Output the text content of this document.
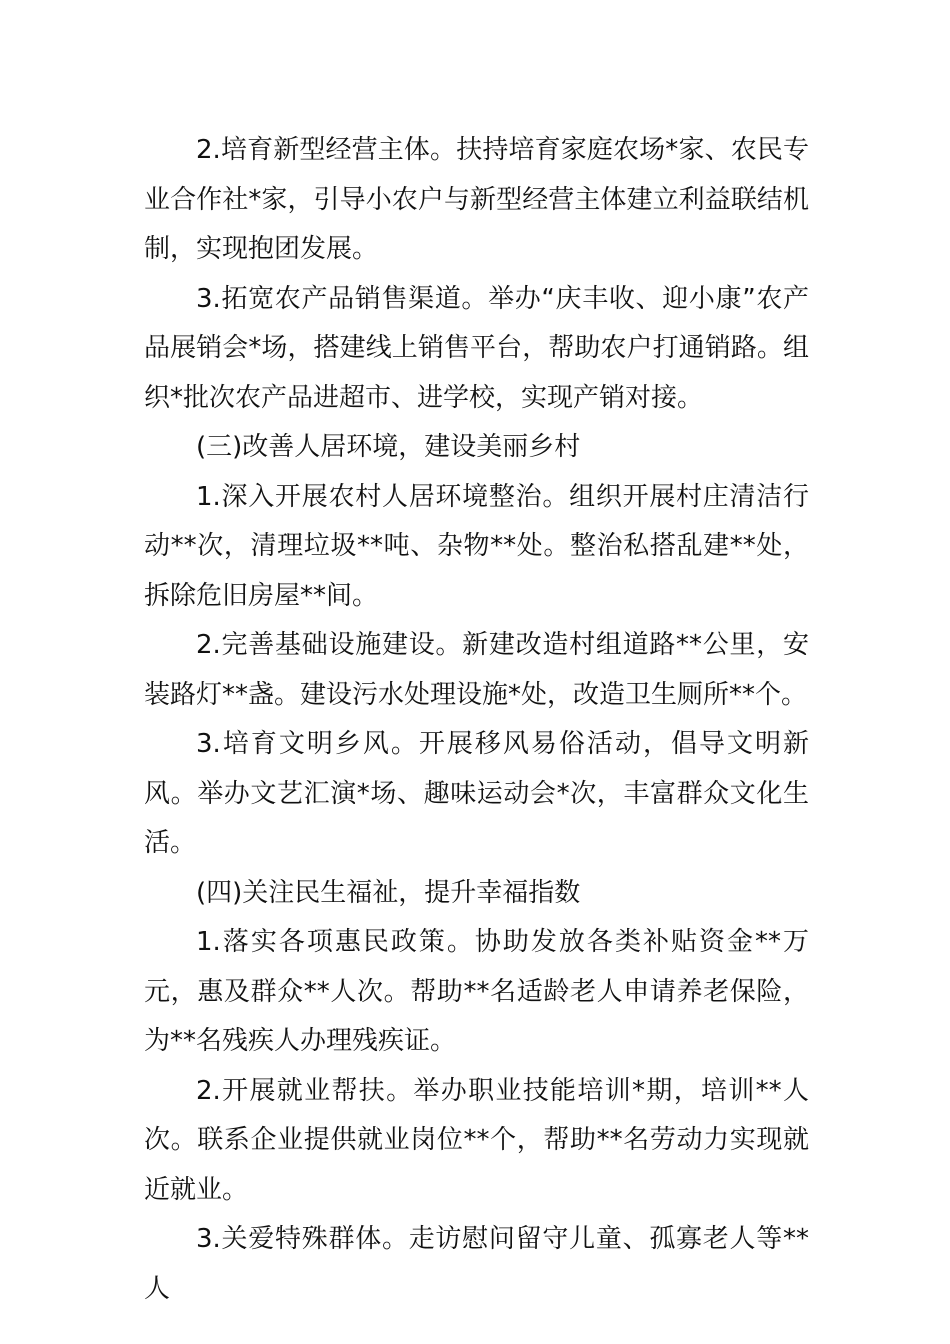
2.培育新型经营主体。扶持培育家庭农场*家、农民专业合作社*家，引导小农户与新型经营主体建立利益联结机制，实现抱团发展。

3.拓宽农产品销售渠道。举办“庆丰收、迎小康”农产品展销会*场，搭建线上销售平台，帮助农户打通销路。组织*批次农产品进超市、进学校，实现产销对接。

(三)改善人居环境，建设美丽乡村

1.深入开展农村人居环境整治。组织开展村庄清洁行动**次，清理垃圾**吨、杂物**处。整治私搭乱建**处，拆除危旧房屋**间。

2.完善基础设施建设。新建改造村组道路**公里，安装路灯**盏。建设污水处理设施*处，改造卫生厕所**个。

3.培育文明乡风。开展移风易俗活动，倡导文明新风。举办文艺汇演*场、趣味运动会*次，丰富群众文化生活。

(四)关注民生福祉，提升幸福指数

1.落实各项惠民政策。协助发放各类补贴资金**万元，惠及群众**人次。帮助**名适龄老人申请养老保险，为**名残疾人办理残疾证。

2.开展就业帮扶。举办职业技能培训*期，培训**人次。联系企业提供就业岗位**个，帮助**名劳动力实现就近就业。

3.关爱特殊群体。走访慰问留守儿童、孤寡老人等**人
